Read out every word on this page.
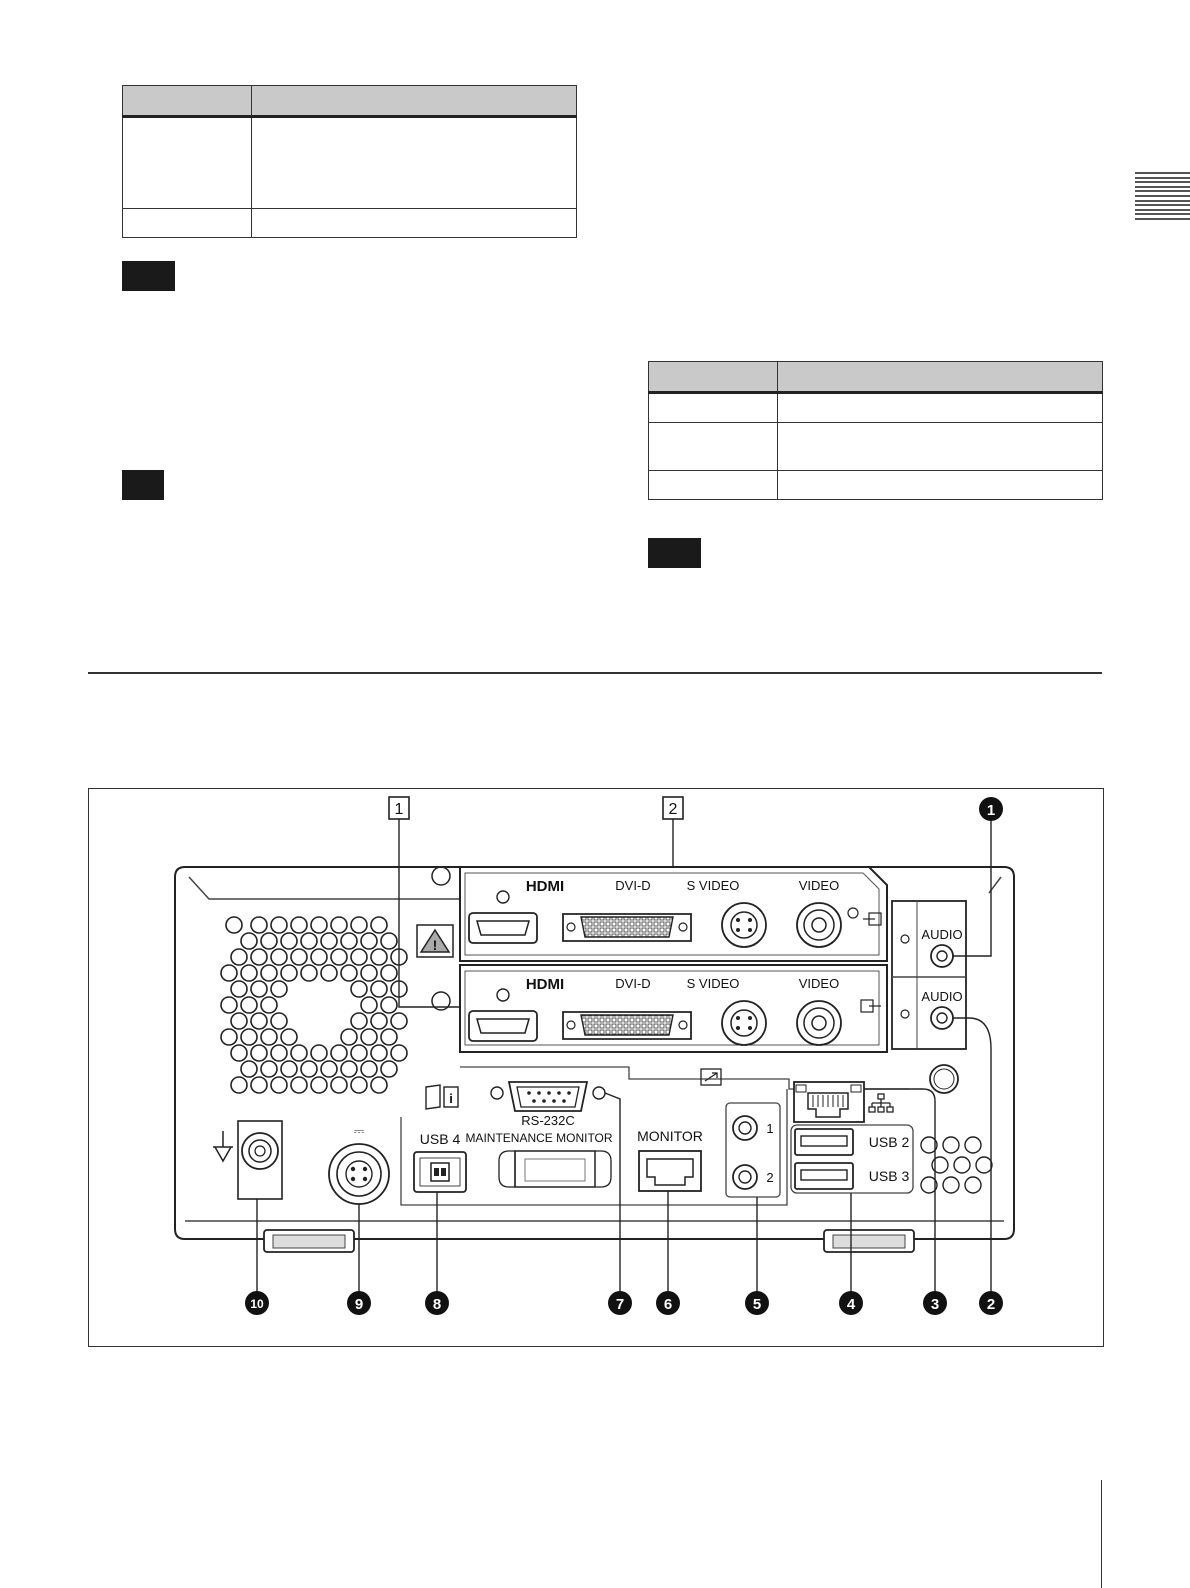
!
i
HDMI	DVI-D	S VIDEO	VIDEO
HDMI	DVI-D	S VIDEO	VIDEO
AUDIO
AUDIO
USB 2
USB 3
RS-232C
MAINTENANCE MONITOR
USB 4	MONITOR	1
2
⎓
1	2	1
2
3
4
5
6
7
8
9
10
